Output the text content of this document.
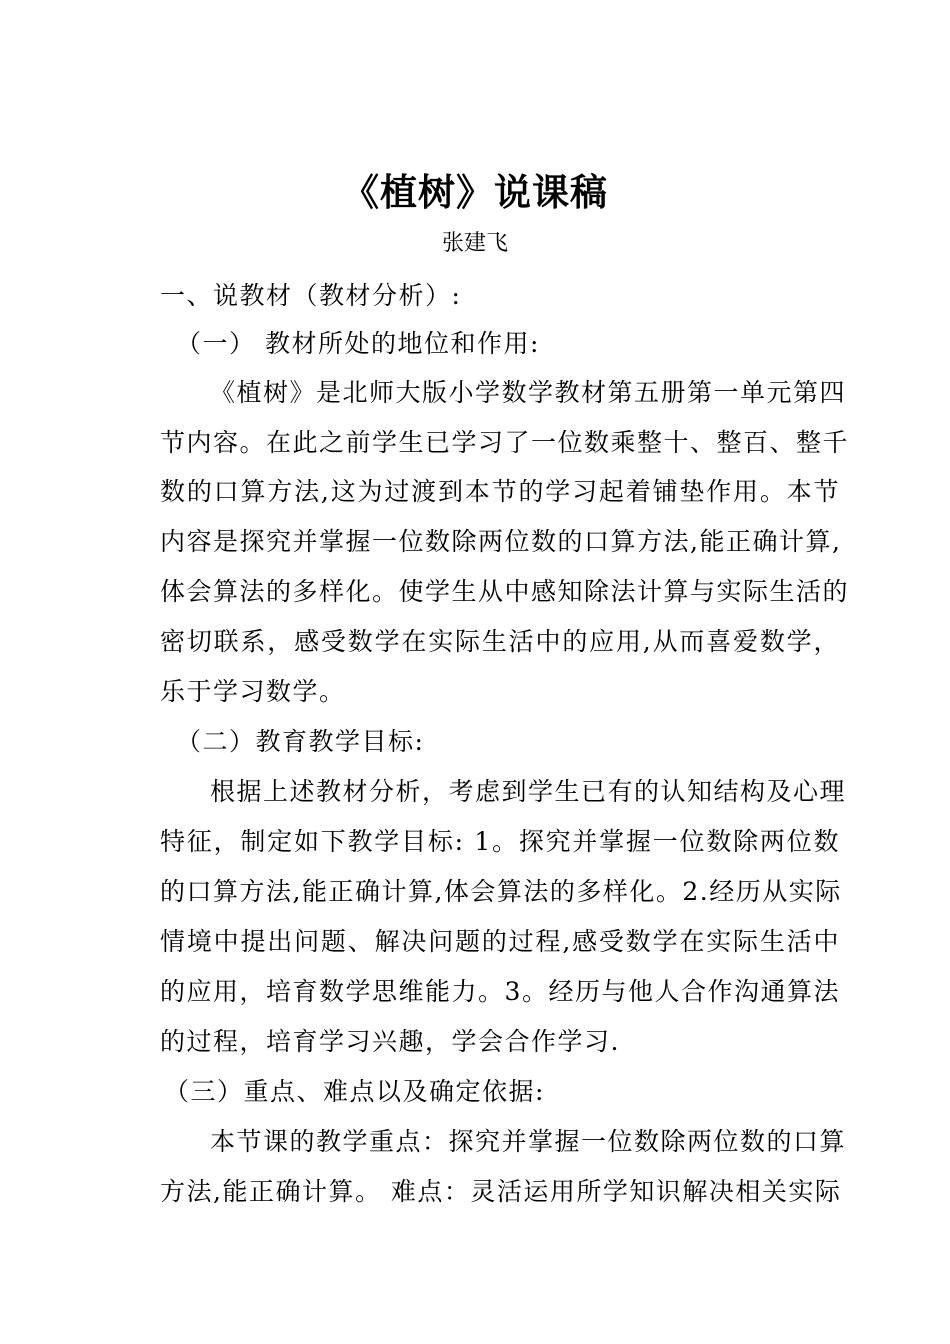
《植树》说课稿
张建飞
一、说教材（教材分析）:
（一） 教材所处的地位和作用:
《植树》是北师大版小学数学教材第五册第一单元第四
节内容。在此之前学生已学习了一位数乘整十、整百、整千
数的口算方法,这为过渡到本节的学习起着铺垫作用。本节
内容是探究并掌握一位数除两位数的口算方法,能正确计算,
体会算法的多样化。使学生从中感知除法计算与实际生活的
密切联系，感受数学在实际生活中的应用,从而喜爱数学，
乐于学习数学。
（二）教育教学目标:
根据上述教材分析，考虑到学生已有的认知结构及心理
特征，制定如下教学目标: 1。探究并掌握一位数除两位数
的口算方法,能正确计算,体会算法的多样化。2.经历从实际
情境中提出问题、解决问题的过程,感受数学在实际生活中
的应用，培育数学思维能力。3。经历与他人合作沟通算法
的过程，培育学习兴趣，学会合作学习.
（三）重点、难点以及确定依据:
本节课的教学重点：探究并掌握一位数除两位数的口算
方法,能正确计算。 难点：灵活运用所学知识解决相关实际
